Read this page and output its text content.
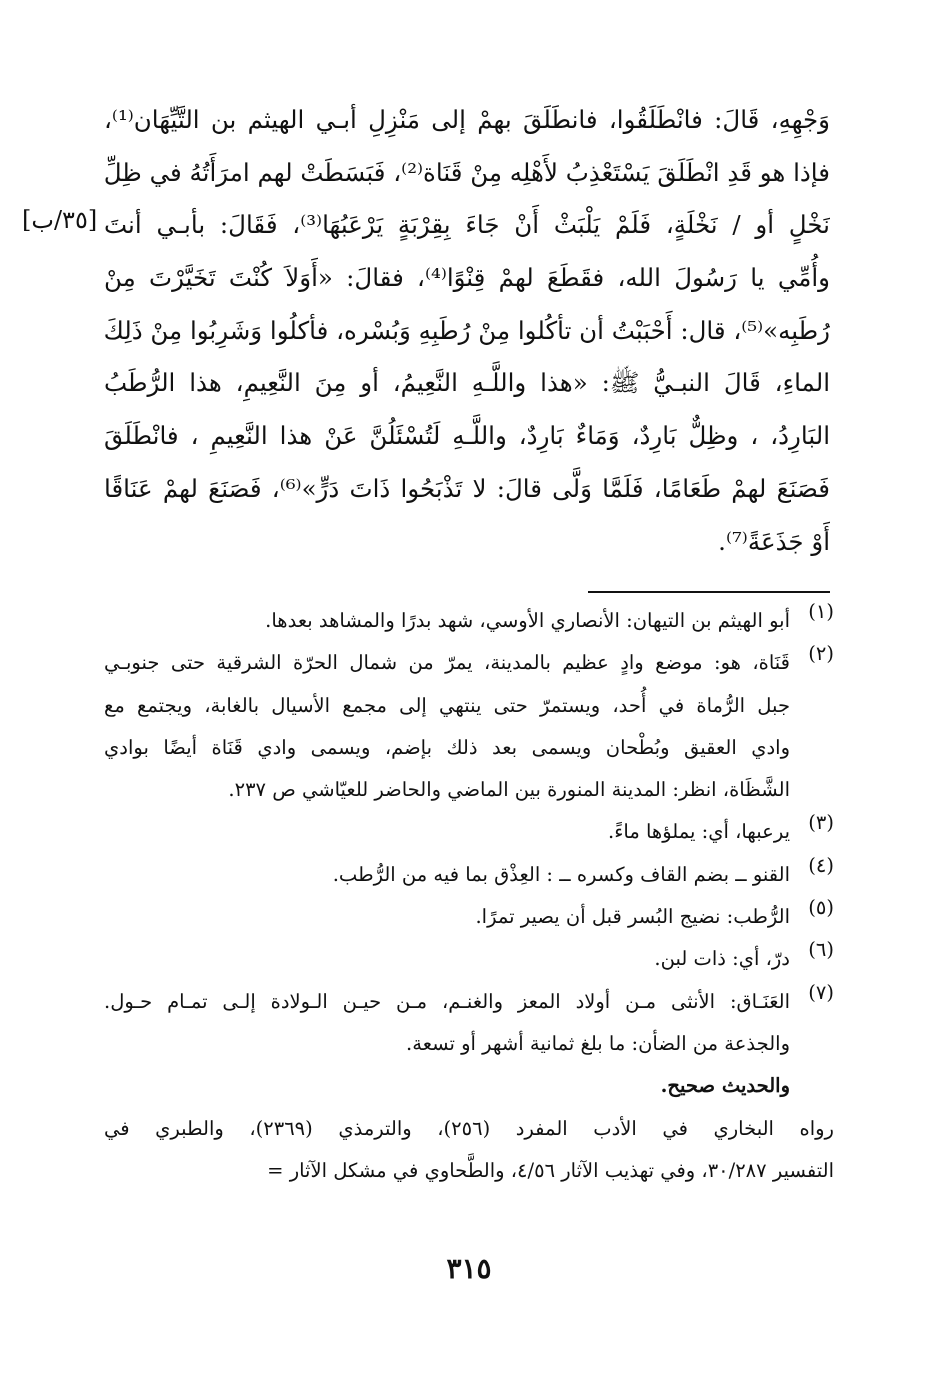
وَجْهِهِ، قَالَ: فانْطَلَقُوا، فانطَلَقَ بهمْ إلى مَنْزِلِ أبـي الهيثم بن التَّيِّهَان⁽¹⁾،
فإذا هو قَدِ انْطَلَقَ يَسْتَعْذِبُ لأَهْلِه مِنْ قَنَاة⁽²⁾، فَبَسَطَتْ لهم امرَأَتُهُ في ظِلِّ
نَخْلٍ أو / نَخْلَةٍ، فَلَمْ يَلْبَثْ أَنْ جَاءَ بِقِرْبَةٍ يَرْعَبُهَا⁽³⁾، فَقَالَ: بأبـي أنتَ
وأُمِّي يا رَسُولَ الله، فقَطَعَ لهمْ قِنْوًا⁽⁴⁾، فقالَ: «أَوَلاَ كُنْتَ تَخَيَّرْتَ مِنْ
رُطَبِه»⁽⁵⁾، قال: أَحْبَبْتُ أن تأكُلوا مِنْ رُطَبِهِ وَبُسْره، فأكلُوا وَشَرِبُوا مِنْ ذَلِكَ
الماءِ، قَالَ النبـيُّ ﷺ: «هذا واللَّـهِ النَّعِيمُ، أو مِنَ النَّعِيمِ، هذا الرُّطَبُ
البَارِدُ، ، وظِلٌّ بَارِدٌ، وَمَاءٌ بَارِدٌ، واللَّـهِ لَتُسْئَلُنَّ عَنْ هذا النَّعِيمِ ، فانْطَلَقَ
فَصَنَعَ لهمْ طَعَامًا، فَلَمَّا وَلَّى قالَ: لا تَذْبَحُوا ذَاتَ دَرٍّ»⁽⁶⁾، فَصَنَعَ لهمْ عَنَاقًا
أَوْ جَذَعَةً⁽⁷⁾.
[٣٥/ب]
(١)
أبو الهيثم بن التيهان: الأنصاري الأوسي، شهد بدرًا والمشاهد بعدها.
(٢)
قَنَاة، هو: موضع وادٍ عظيم بالمدينة، يمرّ من شمال الحرّة الشرقية حتى جنوبـي
جبل الرُّماة في أُحد، ويستمرّ حتى ينتهي إلى مجمع الأسيال بالغابة، ويجتمع مع
وادي العقيق وبُطْحان ويسمى بعد ذلك بإضم، ويسمى وادي قَنَاة أيضًا بوادي
الشَّظَاة، انظر: المدينة المنورة بين الماضي والحاضر للعيّاشي ص ٢٣٧.
(٣)
يرعبها، أي: يملؤها ماءً.
(٤)
القنو ــ بضم القاف وكسره ــ : العِذْق بما فيه من الرُّطب.
(٥)
الرُّطب: نضيج البُسر قبل أن يصير تمرًا.
(٦)
درّ، أي: ذات لبن.
(٧)
العَنَـاق: الأنثى مـن أولاد المعز والغنـم، مـن حيـن الـولادة إلـى تمـام حـول.
والجذعة من الضأن: ما بلغ ثمانية أشهر أو تسعة.
والحديث صحيح.
رواه البخاري في الأدب المفرد (٢٥٦)، والترمذي (٢٣٦٩)، والطبري في
التفسير ٣٠/٢٨٧، وفي تهذيب الآثار ٤/٥٦، والطَّحاوي في مشكل الآثار =
٣١٥
